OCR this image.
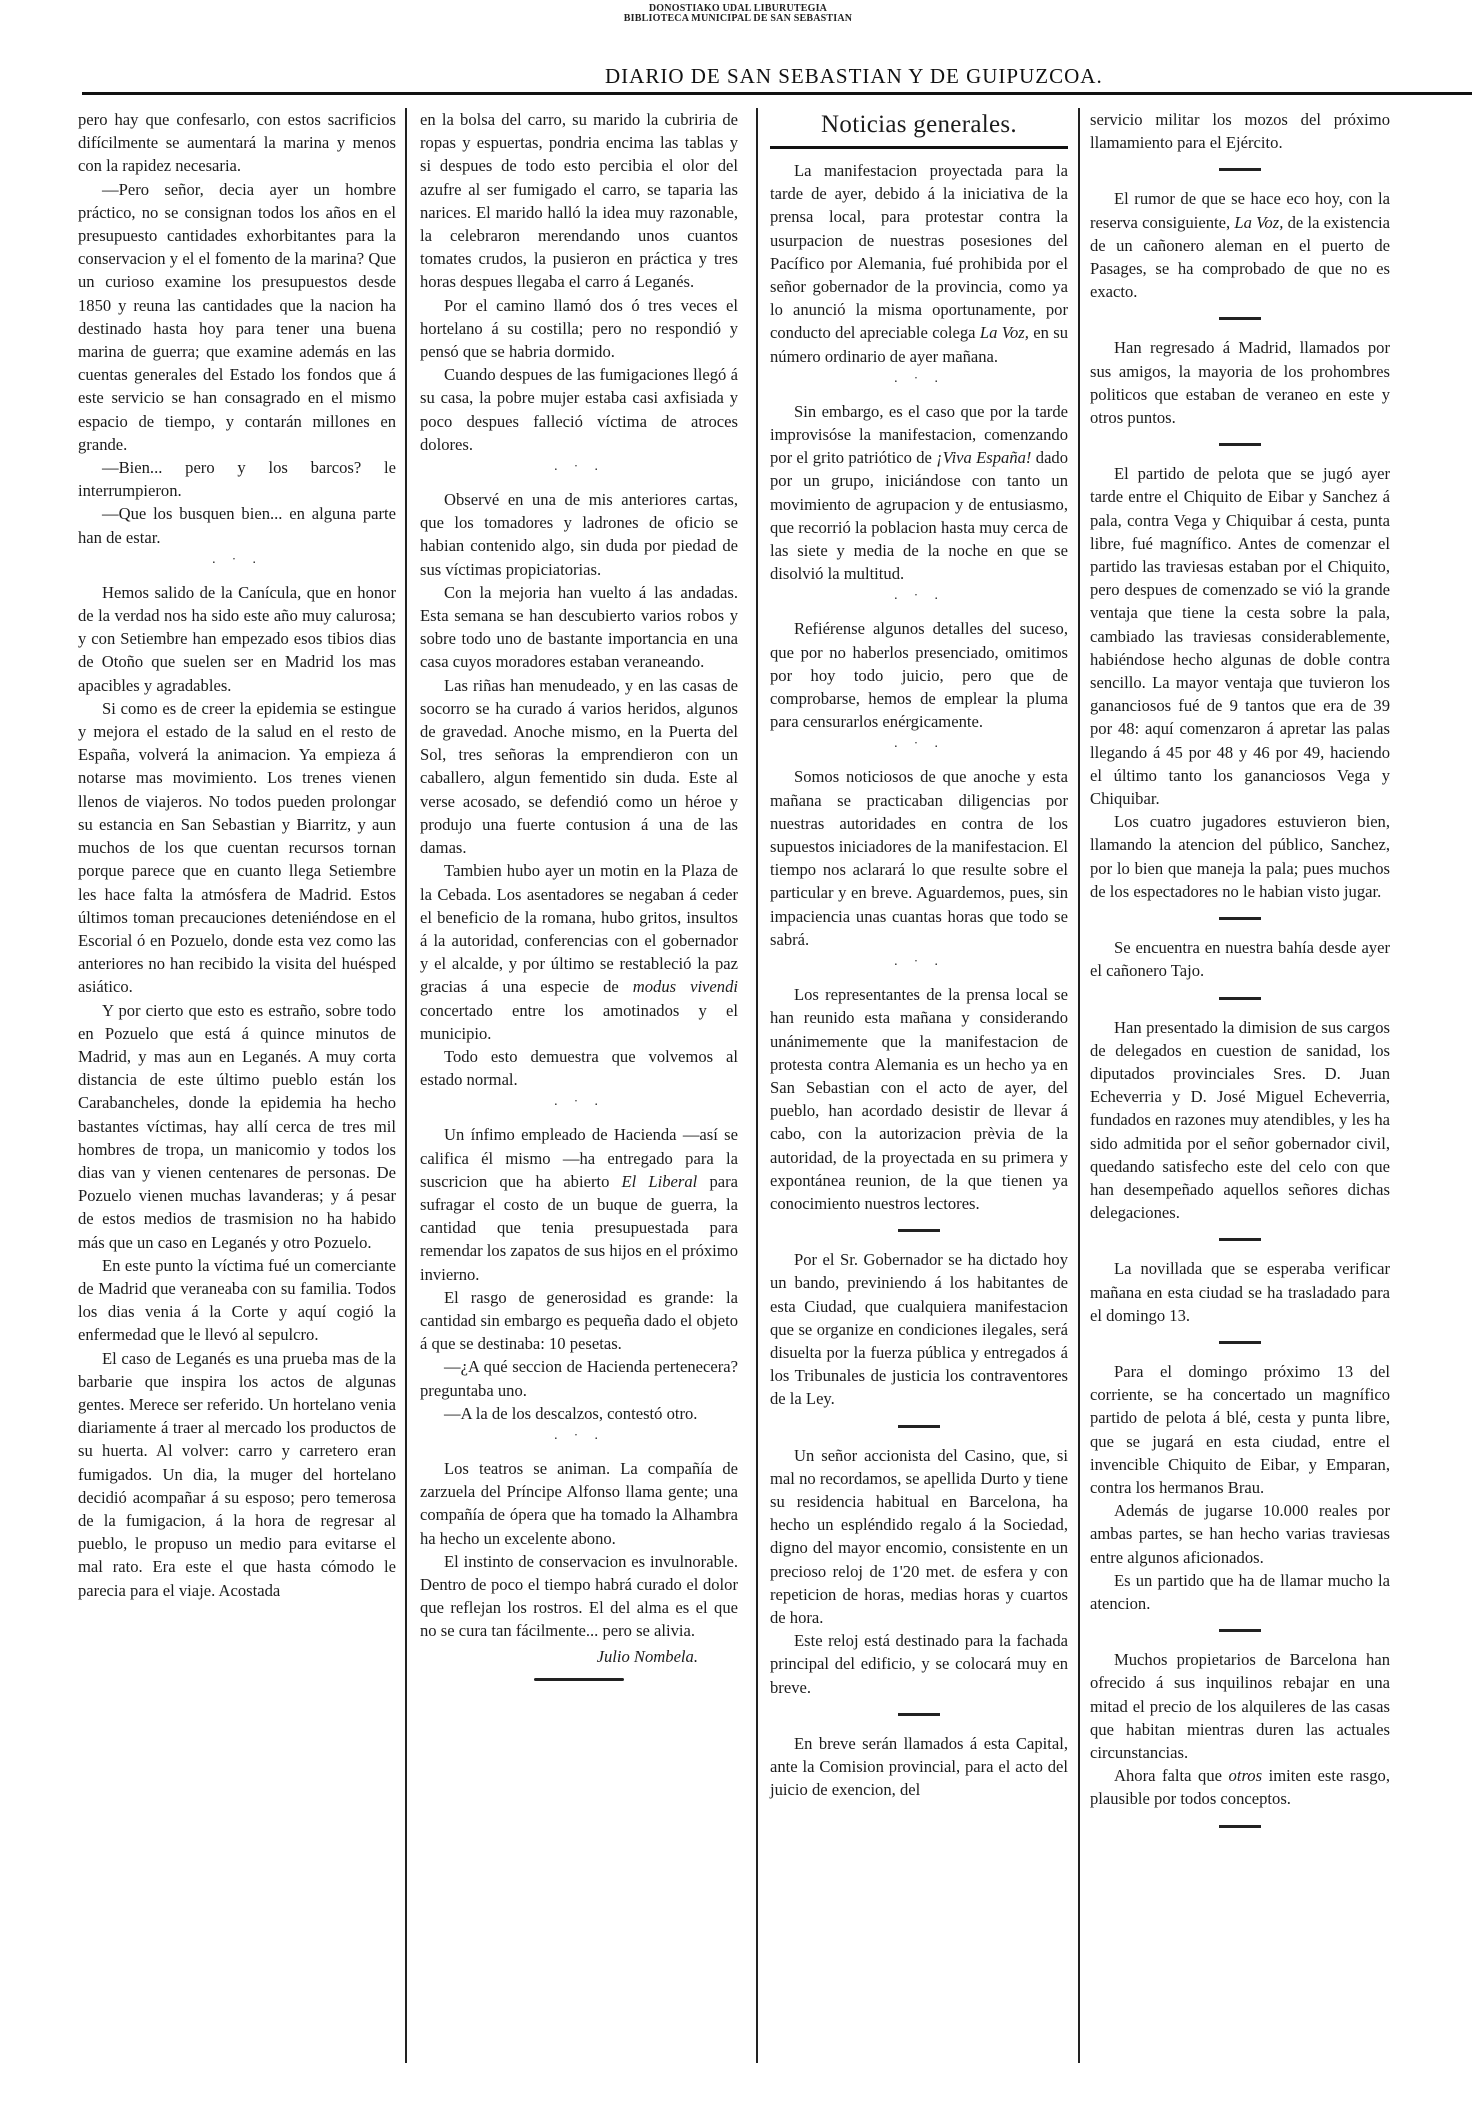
DONOSTIAKO UDAL LIBURUTEGIA
BIBLIOTECA MUNICIPAL DE SAN SEBASTIAN
DIARIO DE SAN SEBASTIAN Y DE GUIPUZCOA.

pero hay que confesarlo, con estos sacrificios difícilmente se aumentará la marina y menos con la rapidez necesaria.

—Pero señor, decia ayer un hombre práctico, no se consignan todos los años en el presupuesto cantidades exhorbitantes para la conservacion y el el fomento de la marina? Que un curioso examine los presupuestos desde 1850 y reuna las cantidades que la nacion ha destinado hasta hoy para tener una buena marina de guerra; que examine además en las cuentas generales del Estado los fondos que á este servicio se han consagrado en el mismo espacio de tiempo, y contarán millones en grande.

—Bien... pero y los barcos? le interrumpieron.

—Que los busquen bien... en alguna parte han de estar.

· ˙ ·

Hemos salido de la Canícula, que en honor de la verdad nos ha sido este año muy calurosa; y con Setiembre han empezado esos tibios dias de Otoño que suelen ser en Madrid los mas apacibles y agradables.

Si como es de creer la epidemia se estingue y mejora el estado de la salud en el resto de España, volverá la animacion. Ya empieza á notarse mas movimiento. Los trenes vienen llenos de viajeros. No todos pueden prolongar su estancia en San Sebastian y Biarritz, y aun muchos de los que cuentan recursos tornan porque parece que en cuanto llega Setiembre les hace falta la atmósfera de Madrid. Estos últimos toman precauciones deteniéndose en el Escorial ó en Pozuelo, donde esta vez como las anteriores no han recibido la visita del huésped asiático.

Y por cierto que esto es estraño, sobre todo en Pozuelo que está á quince minutos de Madrid, y mas aun en Leganés. A muy corta distancia de este último pueblo están los Carabancheles, donde la epidemia ha hecho bastantes víctimas, hay allí cerca de tres mil hombres de tropa, un manicomio y todos los dias van y vienen centenares de personas. De Pozuelo vienen muchas lavanderas; y á pesar de estos medios de trasmision no ha habido más que un caso en Leganés y otro Pozuelo.

En este punto la víctima fué un comerciante de Madrid que veraneaba con su familia. Todos los dias venia á la Corte y aquí cogió la enfermedad que le llevó al sepulcro.

El caso de Leganés es una prueba mas de la barbarie que inspira los actos de algunas gentes. Merece ser referido. Un hortelano venia diariamente á traer al mercado los productos de su huerta. Al volver: carro y carretero eran fumigados. Un dia, la muger del hortelano decidió acompañar á su esposo; pero temerosa de la fumigacion, á la hora de regresar al pueblo, le propuso un medio para evitarse el mal rato. Era este el que hasta cómodo le parecia para el viaje. Acostada

en la bolsa del carro, su marido la cubriria de ropas y espuertas, pondria encima las tablas y si despues de todo esto percibia el olor del azufre al ser fumigado el carro, se taparia las narices. El marido halló la idea muy razonable, la celebraron merendando unos cuantos tomates crudos, la pusieron en práctica y tres horas despues llegaba el carro á Leganés.

Por el camino llamó dos ó tres veces el hortelano á su costilla; pero no respondió y pensó que se habria dormido.

Cuando despues de las fumigaciones llegó á su casa, la pobre mujer estaba casi axfisiada y poco despues falleció víctima de atroces dolores.

· ˙ ·

Observé en una de mis anteriores cartas, que los tomadores y ladrones de oficio se habian contenido algo, sin duda por piedad de sus víctimas propiciatorias.

Con la mejoria han vuelto á las andadas. Esta semana se han descubierto varios robos y sobre todo uno de bastante importancia en una casa cuyos moradores estaban veraneando.

Las riñas han menudeado, y en las casas de socorro se ha curado á varios heridos, algunos de gravedad. Anoche mismo, en la Puerta del Sol, tres señoras la emprendieron con un caballero, algun fementido sin duda. Este al verse acosado, se defendió como un héroe y produjo una fuerte contusion á una de las damas.

Tambien hubo ayer un motin en la Plaza de la Cebada. Los asentadores se negaban á ceder el beneficio de la romana, hubo gritos, insultos á la autoridad, conferencias con el gobernador y el alcalde, y por último se restableció la paz gracias á una especie de modus vivendi concertado entre los amotinados y el municipio.

Todo esto demuestra que volvemos al estado normal.

· ˙ ·

Un ínfimo empleado de Hacienda —así se califica él mismo —ha entregado para la suscricion que ha abierto El Liberal para sufragar el costo de un buque de guerra, la cantidad que tenia presupuestada para remendar los zapatos de sus hijos en el próximo invierno.

El rasgo de generosidad es grande: la cantidad sin embargo es pequeña dado el objeto á que se destinaba: 10 pesetas.

—¿A qué seccion de Hacienda pertenecera? preguntaba uno.

—A la de los descalzos, contestó otro.

· ˙ ·

Los teatros se animan. La compañía de zarzuela del Príncipe Alfonso llama gente; una compañía de ópera que ha tomado la Alhambra ha hecho un excelente abono.

El instinto de conservacion es invulnorable. Dentro de poco el tiempo habrá curado el dolor que reflejan los rostros. El del alma es el que no se cura tan fácilmente... pero se alivia.

Julio Nombela.
Noticias generales.

La manifestacion proyectada para la tarde de ayer, debido á la iniciativa de la prensa local, para protestar contra la usurpacion de nuestras posesiones del Pacífico por Alemania, fué prohibida por el señor gobernador de la provincia, como ya lo anunció la misma oportunamente, por conducto del apreciable colega La Voz, en su número ordinario de ayer mañana.

· ˙ ·

Sin embargo, es el caso que por la tarde improvisóse la manifestacion, comenzando por el grito patriótico de ¡Viva España! dado por un grupo, iniciándose con tanto un movimiento de agrupacion y de entusiasmo, que recorrió la poblacion hasta muy cerca de las siete y media de la noche en que se disolvió la multitud.

· ˙ ·

Refiérense algunos detalles del suceso, que por no haberlos presenciado, omitimos por hoy todo juicio, pero que de comprobarse, hemos de emplear la pluma para censurarlos enérgicamente.

· ˙ ·

Somos noticiosos de que anoche y esta mañana se practicaban diligencias por nuestras autoridades en contra de los supuestos iniciadores de la manifestacion. El tiempo nos aclarará lo que resulte sobre el particular y en breve. Aguardemos, pues, sin impaciencia unas cuantas horas que todo se sabrá.

· ˙ ·

Los representantes de la prensa local se han reunido esta mañana y considerando unánimemente que la manifestacion de protesta contra Alemania es un hecho ya en San Sebastian con el acto de ayer, del pueblo, han acordado desistir de llevar á cabo, con la autorizacion prèvia de la autoridad, de la proyectada en su primera y expontánea reunion, de la que tienen ya conocimiento nuestros lectores.

Por el Sr. Gobernador se ha dictado hoy un bando, previniendo á los habitantes de esta Ciudad, que cualquiera manifestacion que se organize en condiciones ilegales, será disuelta por la fuerza pública y entregados á los Tribunales de justicia los contraventores de la Ley.

Un señor accionista del Casino, que, si mal no recordamos, se apellida Durto y tiene su residencia habitual en Barcelona, ha hecho un espléndido regalo á la Sociedad, digno del mayor encomio, consistente en un precioso reloj de 1'20 met. de esfera y con repeticion de horas, medias horas y cuartos de hora.

Este reloj está destinado para la fachada principal del edificio, y se colocará muy en breve.

En breve serán llamados á esta Capital, ante la Comision provincial, para el acto del juicio de exencion, del

servicio militar los mozos del próximo llamamiento para el Ejército.

El rumor de que se hace eco hoy, con la reserva consiguiente, La Voz, de la existencia de un cañonero aleman en el puerto de Pasages, se ha comprobado de que no es exacto.

Han regresado á Madrid, llamados por sus amigos, la mayoria de los prohombres politicos que estaban de veraneo en este y otros puntos.

El partido de pelota que se jugó ayer tarde entre el Chiquito de Eibar y Sanchez á pala, contra Vega y Chiquibar á cesta, punta libre, fué magnífico. Antes de comenzar el partido las traviesas estaban por el Chiquito, pero despues de comenzado se vió la grande ventaja que tiene la cesta sobre la pala, cambiado las traviesas considerablemente, habiéndose hecho algunas de doble contra sencillo. La mayor ventaja que tuvieron los gananciosos fué de 9 tantos que era de 39 por 48: aquí comenzaron á apretar las palas llegando á 45 por 48 y 46 por 49, haciendo el último tanto los gananciosos Vega y Chiquibar.

Los cuatro jugadores estuvieron bien, llamando la atencion del público, Sanchez, por lo bien que maneja la pala; pues muchos de los espectadores no le habian visto jugar.

Se encuentra en nuestra bahía desde ayer el cañonero Tajo.

Han presentado la dimision de sus cargos de delegados en cuestion de sanidad, los diputados provinciales Sres. D. Juan Echeverria y D. José Miguel Echeverria, fundados en razones muy atendibles, y les ha sido admitida por el señor gobernador civil, quedando satisfecho este del celo con que han desempeñado aquellos señores dichas delegaciones.

La novillada que se esperaba verificar mañana en esta ciudad se ha trasladado para el domingo 13.

Para el domingo próximo 13 del corriente, se ha concertado un magnífico partido de pelota á blé, cesta y punta libre, que se jugará en esta ciudad, entre el invencible Chiquito de Eibar, y Emparan, contra los hermanos Brau.

Además de jugarse 10.000 reales por ambas partes, se han hecho varias traviesas entre algunos aficionados.

Es un partido que ha de llamar mucho la atencion.

Muchos propietarios de Barcelona han ofrecido á sus inquilinos rebajar en una mitad el precio de los alquileres de las casas que habitan mientras duren las actuales circunstancias.

Ahora falta que otros imiten este rasgo, plausible por todos conceptos.
